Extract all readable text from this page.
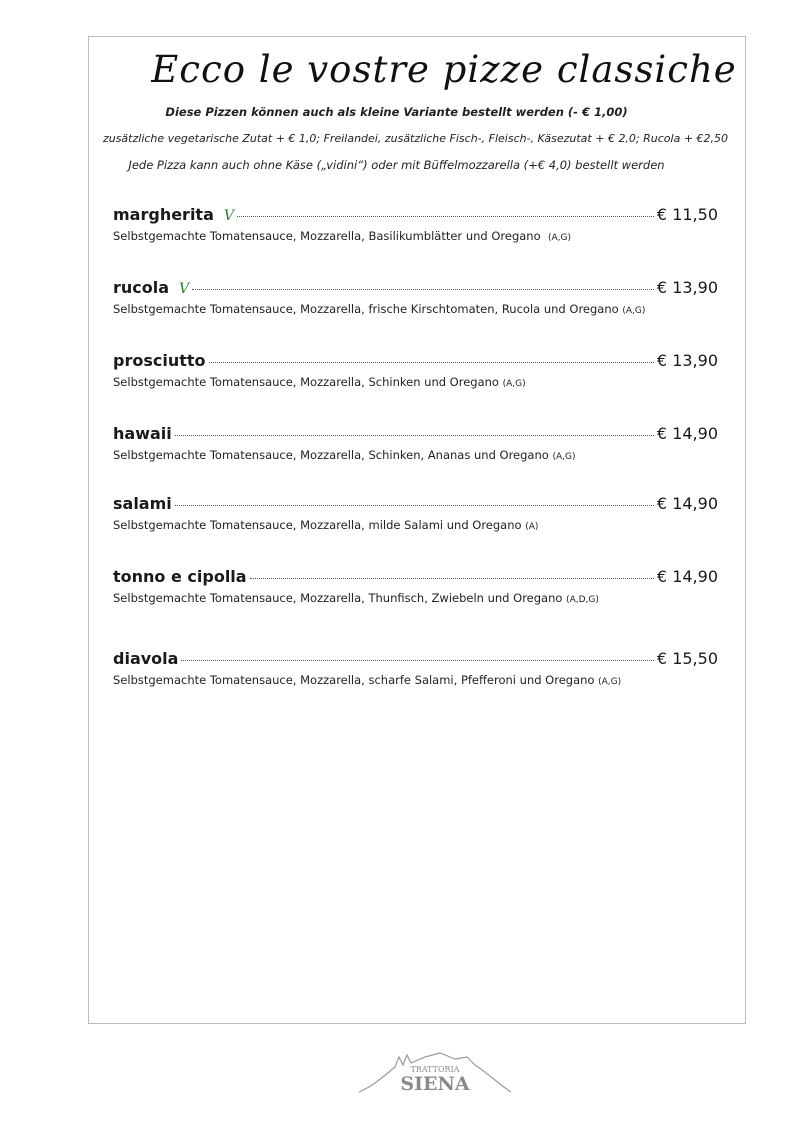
Ecco le vostre pizze classiche
Diese Pizzen können auch als kleine Variante bestellt werden (- € 1,00)
zusätzliche vegetarische Zutat + € 1,0; Freilandei, zusätzliche Fisch-, Fleisch-, Käsezutat + € 2,0; Rucola + €2,50
Jede Pizza kann auch ohne Käse („vidini“) oder mit Büffelmozzarella (+€ 4,0) bestellt werden
margherita V	€ 11,50
Selbstgemachte Tomatensauce, Mozzarella, Basilikumblätter und Oregano (A,G)
rucola V	€ 13,90
Selbstgemachte Tomatensauce, Mozzarella, frische Kirschtomaten, Rucola und Oregano (A,G)
prosciutto	€ 13,90
Selbstgemachte Tomatensauce, Mozzarella, Schinken und Oregano (A,G)
hawaii	€ 14,90
Selbstgemachte Tomatensauce, Mozzarella, Schinken, Ananas und Oregano (A,G)
salami	€ 14,90
Selbstgemachte Tomatensauce, Mozzarella, milde Salami und Oregano (A)
tonno e cipolla	€ 14,90
Selbstgemachte Tomatensauce, Mozzarella, Thunfisch, Zwiebeln und Oregano (A,D,G)
diavola	€ 15,50
Selbstgemachte Tomatensauce, Mozzarella, scharfe Salami, Pfefferoni und Oregano (A,G)
TRATTORIA
SIENA
